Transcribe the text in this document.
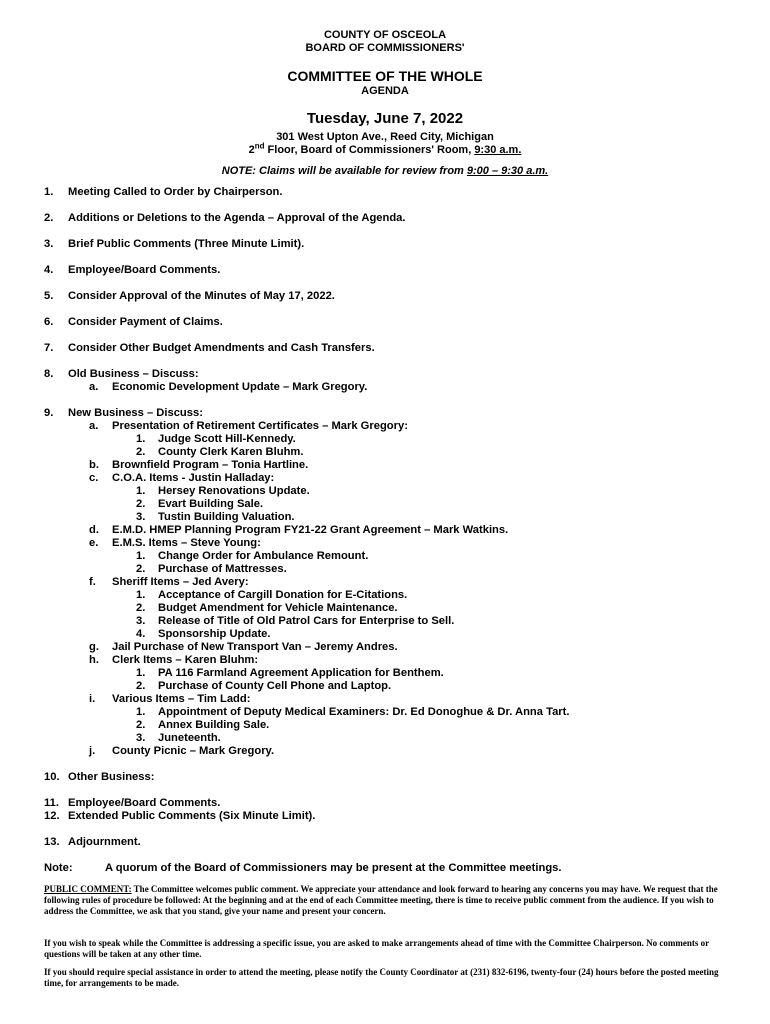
COUNTY OF OSCEOLA
BOARD OF COMMISSIONERS'
COMMITTEE OF THE WHOLE
AGENDA
Tuesday, June 7, 2022
301 West Upton Ave., Reed City, Michigan
2nd Floor, Board of Commissioners' Room, 9:30 a.m.
NOTE: Claims will be available for review from 9:00 – 9:30 a.m.
1.	Meeting Called to Order by Chairperson.
2.	Additions or Deletions to the Agenda – Approval of the Agenda.
3.	Brief Public Comments (Three Minute Limit).
4.	Employee/Board Comments.
5.	Consider Approval of the Minutes of May 17, 2022.
6.	Consider Payment of Claims.
7.	Consider Other Budget Amendments and Cash Transfers.
8.	Old Business – Discuss:
a.	Economic Development Update – Mark Gregory.
9.	New Business – Discuss:
a.	Presentation of Retirement Certificates – Mark Gregory:
1.	Judge Scott Hill-Kennedy.
2.	County Clerk Karen Bluhm.
b.	Brownfield Program – Tonia Hartline.
c.	C.O.A. Items - Justin Halladay:
1.	Hersey Renovations Update.
2.	Evart Building Sale.
3.	Tustin Building Valuation.
d.	E.M.D. HMEP Planning Program FY21-22 Grant Agreement – Mark Watkins.
e.	E.M.S. Items – Steve Young:
1.	Change Order for Ambulance Remount.
2.	Purchase of Mattresses.
f.	Sheriff Items – Jed Avery:
1.	Acceptance of Cargill Donation for E-Citations.
2.	Budget Amendment for Vehicle Maintenance.
3.	Release of Title of Old Patrol Cars for Enterprise to Sell.
4.	Sponsorship Update.
g.	Jail Purchase of New Transport Van – Jeremy Andres.
h.	Clerk Items – Karen Bluhm:
1.	PA 116 Farmland Agreement Application for Benthem.
2.	Purchase of County Cell Phone and Laptop.
i.	Various Items – Tim Ladd:
1.	Appointment of Deputy Medical Examiners: Dr. Ed Donoghue & Dr. Anna Tart.
2.	Annex Building Sale.
3.	Juneteenth.
j.	County Picnic – Mark Gregory.
10. Other Business:
11. Employee/Board Comments.
12. Extended Public Comments (Six Minute Limit).
13. Adjournment.
Note:	A quorum of the Board of Commissioners may be present at the Committee meetings.
PUBLIC COMMENT: The Committee welcomes public comment. We appreciate your attendance and look forward to hearing any concerns you may have. We request that the following rules of procedure be followed: At the beginning and at the end of each Committee meeting, there is time to receive public comment from the audience. If you wish to address the Committee, we ask that you stand, give your name and present your concern.
If you wish to speak while the Committee is addressing a specific issue, you are asked to make arrangements ahead of time with the Committee Chairperson. No comments or questions will be taken at any other time.
If you should require special assistance in order to attend the meeting, please notify the County Coordinator at (231) 832-6196, twenty-four (24) hours before the posted meeting time, for arrangements to be made.
